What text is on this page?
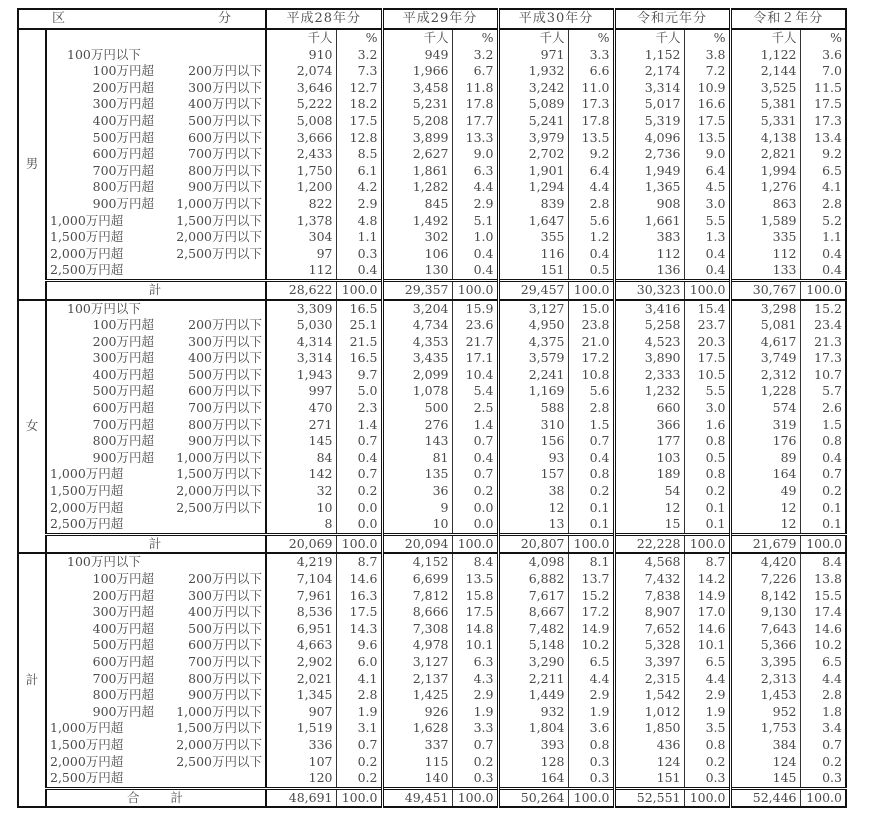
区 分			平成28年分		平成29年分		平成30年分		令和元年分		令和２年分	
男			千人	%	千人	%	千人	%	千人	%	千人	%
	100万円以下		910	3.2	949	3.2	971	3.3	1,152	3.8	1,122	3.6
	100万円超	200万円以下	2,074	7.3	1,966	6.7	1,932	6.6	2,174	7.2	2,144	7.0
	200万円超	300万円以下	3,646	12.7	3,458	11.8	3,242	11.0	3,314	10.9	3,525	11.5
	300万円超	400万円以下	5,222	18.2	5,231	17.8	5,089	17.3	5,017	16.6	5,381	17.5
	400万円超	500万円以下	5,008	17.5	5,208	17.7	5,241	17.8	5,319	17.5	5,331	17.3
	500万円超	600万円以下	3,666	12.8	3,899	13.3	3,979	13.5	4,096	13.5	4,138	13.4
	600万円超	700万円以下	2,433	8.5	2,627	9.0	2,702	9.2	2,736	9.0	2,821	9.2
	700万円超	800万円以下	1,750	6.1	1,861	6.3	1,901	6.4	1,949	6.4	1,994	6.5
	800万円超	900万円以下	1,200	4.2	1,282	4.4	1,294	4.4	1,365	4.5	1,276	4.1
	900万円超	1,000万円以下	822	2.9	845	2.9	839	2.8	908	3.0	863	2.8
	1,000万円超	1,500万円以下	1,378	4.8	1,492	5.1	1,647	5.6	1,661	5.5	1,589	5.2
	1,500万円超	2,000万円以下	304	1.1	302	1.0	355	1.2	383	1.3	335	1.1
	2,000万円超	2,500万円以下	97	0.3	106	0.4	116	0.4	112	0.4	112	0.4
	2,500万円超		112	0.4	130	0.4	151	0.5	136	0.4	133	0.4
	計		28,622	100.0	29,357	100.0	29,457	100.0	30,323	100.0	30,767	100.0
女	100万円以下		3,309	16.5	3,204	15.9	3,127	15.0	3,416	15.4	3,298	15.2
	100万円超	200万円以下	5,030	25.1	4,734	23.6	4,950	23.8	5,258	23.7	5,081	23.4
	200万円超	300万円以下	4,314	21.5	4,353	21.7	4,375	21.0	4,523	20.3	4,617	21.3
	300万円超	400万円以下	3,314	16.5	3,435	17.1	3,579	17.2	3,890	17.5	3,749	17.3
	400万円超	500万円以下	1,943	9.7	2,099	10.4	2,241	10.8	2,333	10.5	2,312	10.7
	500万円超	600万円以下	997	5.0	1,078	5.4	1,169	5.6	1,232	5.5	1,228	5.7
	600万円超	700万円以下	470	2.3	500	2.5	588	2.8	660	3.0	574	2.6
	700万円超	800万円以下	271	1.4	276	1.4	310	1.5	366	1.6	319	1.5
	800万円超	900万円以下	145	0.7	143	0.7	156	0.7	177	0.8	176	0.8
	900万円超	1,000万円以下	84	0.4	81	0.4	93	0.4	103	0.5	89	0.4
	1,000万円超	1,500万円以下	142	0.7	135	0.7	157	0.8	189	0.8	164	0.7
	1,500万円超	2,000万円以下	32	0.2	36	0.2	38	0.2	54	0.2	49	0.2
	2,000万円超	2,500万円以下	10	0.0	9	0.0	12	0.1	12	0.1	12	0.1
	2,500万円超		8	0.0	10	0.0	13	0.1	15	0.1	12	0.1
	計		20,069	100.0	20,094	100.0	20,807	100.0	22,228	100.0	21,679	100.0
計	100万円以下		4,219	8.7	4,152	8.4	4,098	8.1	4,568	8.7	4,420	8.4
	100万円超	200万円以下	7,104	14.6	6,699	13.5	6,882	13.7	7,432	14.2	7,226	13.8
	200万円超	300万円以下	7,961	16.3	7,812	15.8	7,617	15.2	7,838	14.9	8,142	15.5
	300万円超	400万円以下	8,536	17.5	8,666	17.5	8,667	17.2	8,907	17.0	9,130	17.4
	400万円超	500万円以下	6,951	14.3	7,308	14.8	7,482	14.9	7,652	14.6	7,643	14.6
	500万円超	600万円以下	4,663	9.6	4,978	10.1	5,148	10.2	5,328	10.1	5,366	10.2
	600万円超	700万円以下	2,902	6.0	3,127	6.3	3,290	6.5	3,397	6.5	3,395	6.5
	700万円超	800万円以下	2,021	4.1	2,137	4.3	2,211	4.4	2,315	4.4	2,313	4.4
	800万円超	900万円以下	1,345	2.8	1,425	2.9	1,449	2.9	1,542	2.9	1,453	2.8
	900万円超	1,000万円以下	907	1.9	926	1.9	932	1.9	1,012	1.9	952	1.8
	1,000万円超	1,500万円以下	1,519	3.1	1,628	3.3	1,804	3.6	1,850	3.5	1,753	3.4
	1,500万円超	2,000万円以下	336	0.7	337	0.7	393	0.8	436	0.8	384	0.7
	2,000万円超	2,500万円以下	107	0.2	115	0.2	128	0.3	124	0.2	124	0.2
	2,500万円超		120	0.2	140	0.3	164	0.3	151	0.3	145	0.3
	合　　計		48,691	100.0	49,451	100.0	50,264	100.0	52,551	100.0	52,446	100.0
